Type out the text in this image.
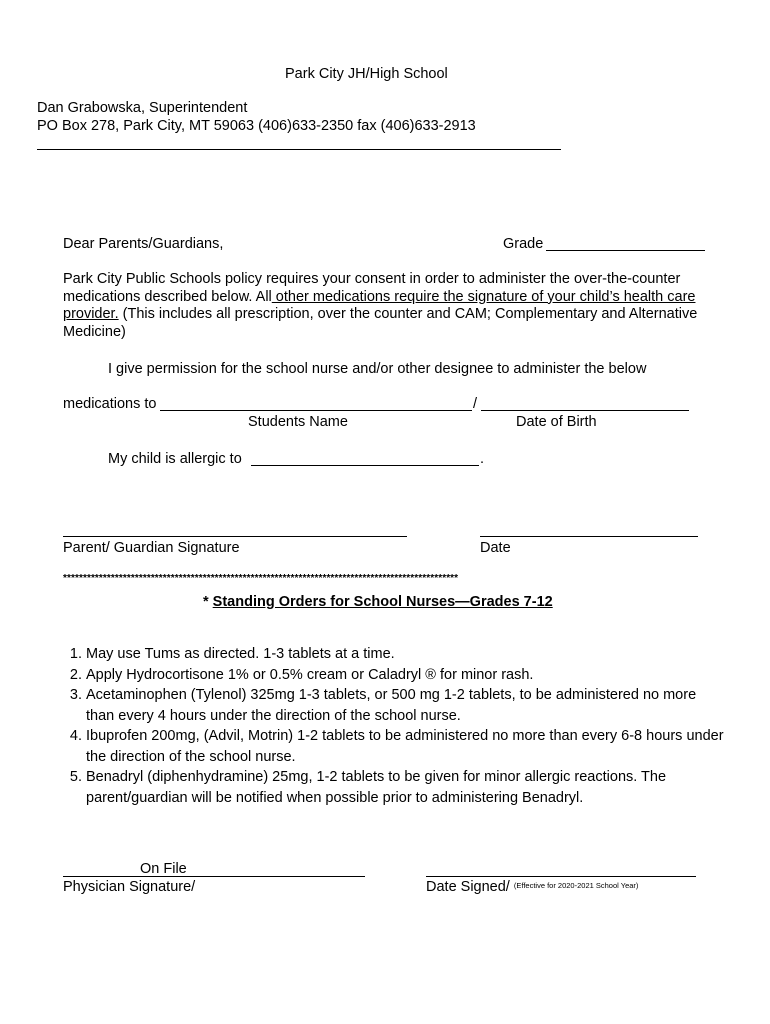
Park City JH/High School
Dan Grabowska, Superintendent
PO Box 278, Park City, MT 59063 (406)633-2350 fax (406)633-2913
Dear Parents/Guardians,	Grade
Park City Public Schools policy requires your consent in order to administer the over-the-counter medications described below. All other medications require the signature of your child’s health care provider. (This includes all prescription, over the counter and CAM; Complementary and Alternative Medicine)
I give permission for the school nurse and/or other designee to administer the below
medications to	/
Students Name	Date of Birth
My child is allergic to	.
Parent/ Guardian Signature	Date
***************************************************************************************************
* Standing Orders for School Nurses—Grades 7-12
1. May use Tums as directed. 1-3 tablets at a time.
2. Apply Hydrocortisone 1% or 0.5% cream or Caladryl ® for minor rash.
3. Acetaminophen (Tylenol) 325mg 1-3 tablets, or 500 mg 1-2 tablets, to be administered no more than every 4 hours under the direction of the school nurse.
4. Ibuprofen 200mg, (Advil, Motrin) 1-2 tablets to be administered no more than every 6-8 hours under the direction of the school nurse.
5. Benadryl (diphenhydramine) 25mg, 1-2 tablets to be given for minor allergic reactions. The parent/guardian will be notified when possible prior to administering Benadryl.
On File
Physician Signature/	Date Signed/ $^{(Effective for 2020-2021 School Year)}$
